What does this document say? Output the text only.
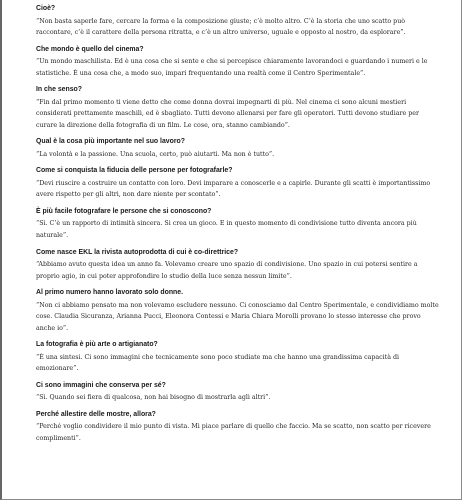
Cioè?

“Non basta saperle fare, cercare la forma e la composizione giuste; c’è molto altro. C’è la storia che uno scatto può raccontare, c’è il carattere della persona ritratta, e c’è un altro universo, uguale e opposto al nostro, da esplorare”.

Che mondo è quello del cinema?

“Un mondo maschilista. Ed è una cosa che si sente e che si percepisce chiaramente lavorandoci e guardando i numeri e le statistiche. È una cosa che, a modo suo, impari frequentando una realtà come il Centro Sperimentale”.

In che senso?

“Fin dal primo momento ti viene detto che come donna dovrai impegnarti di più. Nel cinema ci sono alcuni mestieri considerati prettamente maschili, ed è sbagliato. Tutti devono allenarsi per fare gli operatori. Tutti devono studiare per curare la direzione della fotografia di un film. Le cose, ora, stanno cambiando”.

Qual è la cosa più importante nel suo lavoro?

“La volontà e la passione. Una scuola, certo, può aiutarti. Ma non è tutto”.

Come si conquista la fiducia delle persone per fotografarle?

“Devi riuscire a costruire un contatto con loro. Devi imparare a conoscerle e a capirle. Durante gli scatti è importantissimo avere rispetto per gli altri, non dare niente per scontato”.

È più facile fotografare le persone che si conoscono?

“Sì. C’è un rapporto di intimità sincera. Si crea un gioco. E in questo momento di condivisione tutto diventa ancora più naturale”.

Come nasce EKL la rivista autoprodotta di cui è co-direttrice?

“Abbiamo avuto questa idea un anno fa. Volevamo creare uno spazio di condivisione. Uno spazio in cui potersi sentire a proprio agio, in cui poter approfondire lo studio della luce senza nessun limite”.

Al primo numero hanno lavorato solo donne.

“Non ci abbiamo pensato ma non volevamo escludere nessuno. Ci conosciamo dal Centro Sperimentale, e condividiamo molte cose. Claudia Sicuranza, Arianna Pucci, Eleonora Contessi e Maria Chiara Morolli provano lo stesso interesse che provo anche io”.

La fotografia è più arte o artigianato?

“È una sintesi. Ci sono immagini che tecnicamente sono poco studiate ma che hanno una grandissima capacità di emozionare”.

Ci sono immagini che conserva per sé?

“Sì. Quando sei fiera di qualcosa, non hai bisogno di mostrarla agli altri”.

Perché allestire delle mostre, allora?

“Perché voglio condividere il mio punto di vista. Mi piace parlare di quello che faccio. Ma se scatto, non scatto per ricevere complimenti”.
